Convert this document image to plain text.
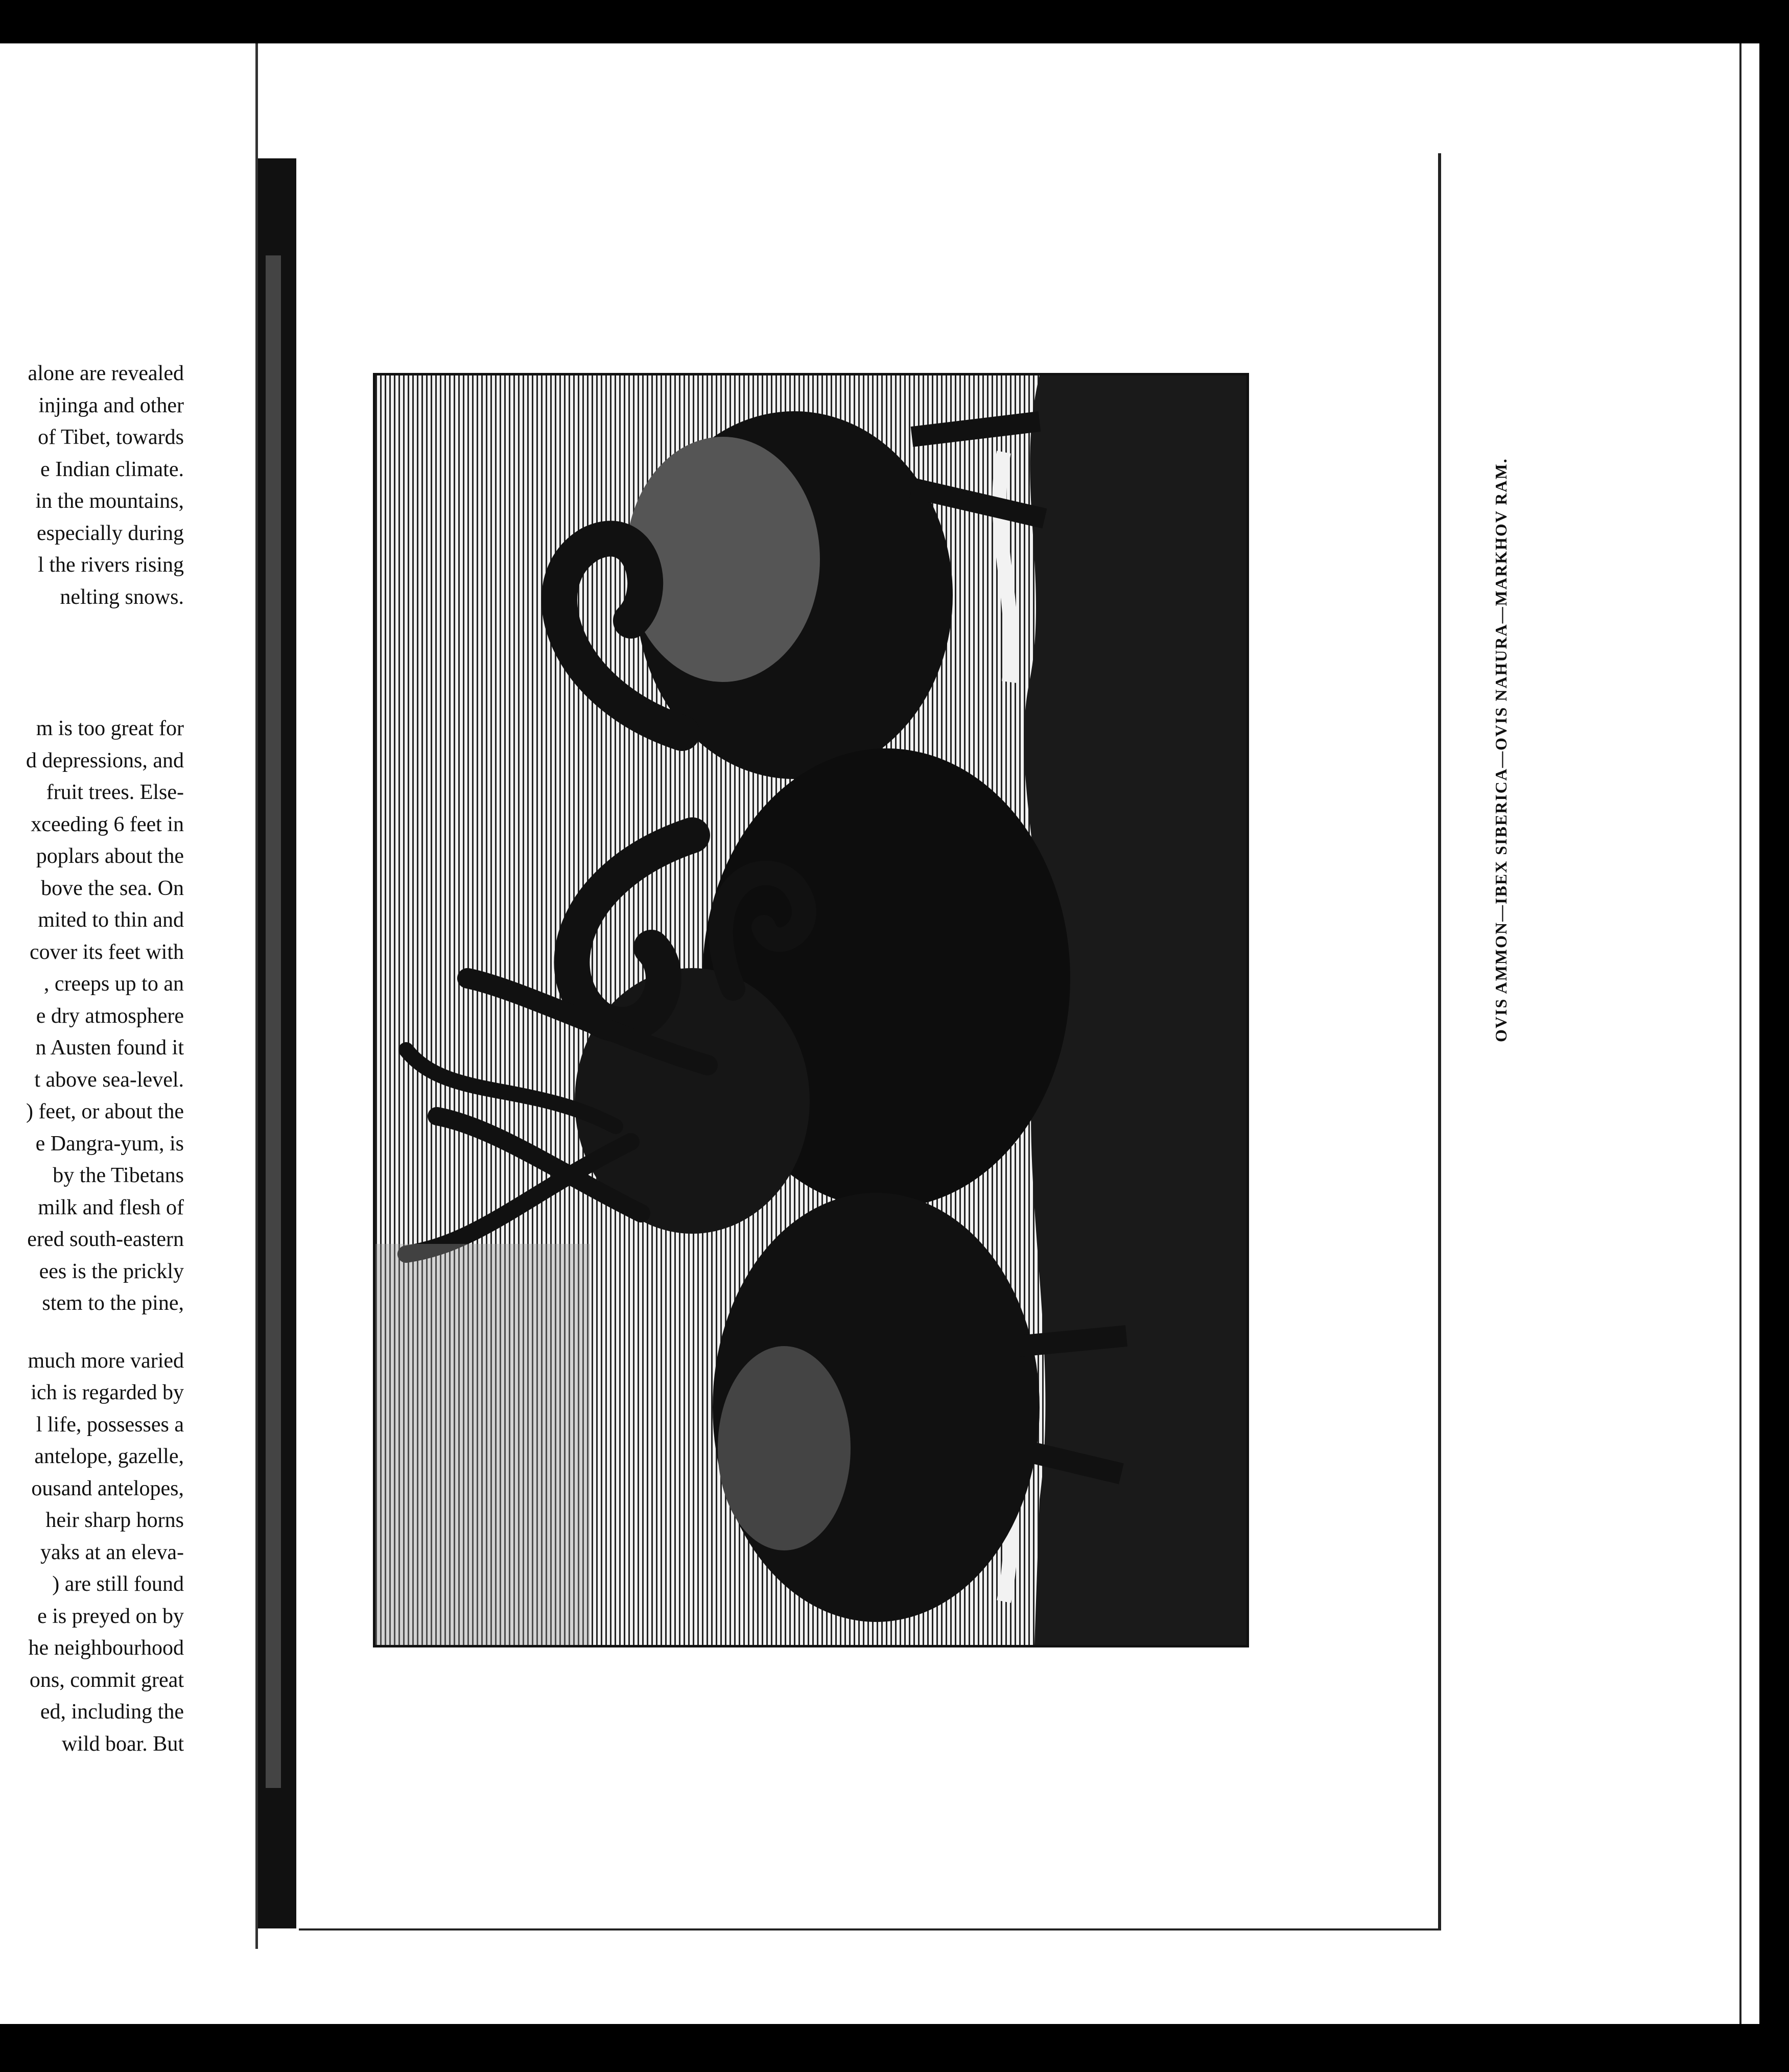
alone are revealed
injinga and other
of Tibet, towards
e Indian climate.
in the mountains,
especially during
l the rivers rising
nelting snows.
m is too great for
d depressions, and
fruit trees. Else-
xceeding 6 feet in
poplars about the
bove the sea. On
mited to thin and
cover its feet with
, creeps up to an
e dry atmosphere
n Austen found it
t above sea-level.
) feet, or about the
e Dangra-yum, is
by the Tibetans
milk and flesh of
ered south-eastern
ees is the prickly
stem to the pine,
much more varied
ich is regarded by
l life, possesses a
antelope, gazelle,
ousand antelopes,
heir sharp horns
yaks at an eleva-
) are still found
e is preyed on by
he neighbourhood
ons, commit great
ed, including the
wild boar. But
OVIS AMMON—IBEX SIBERICA—OVIS NAHURA—MARKHOV RAM.
